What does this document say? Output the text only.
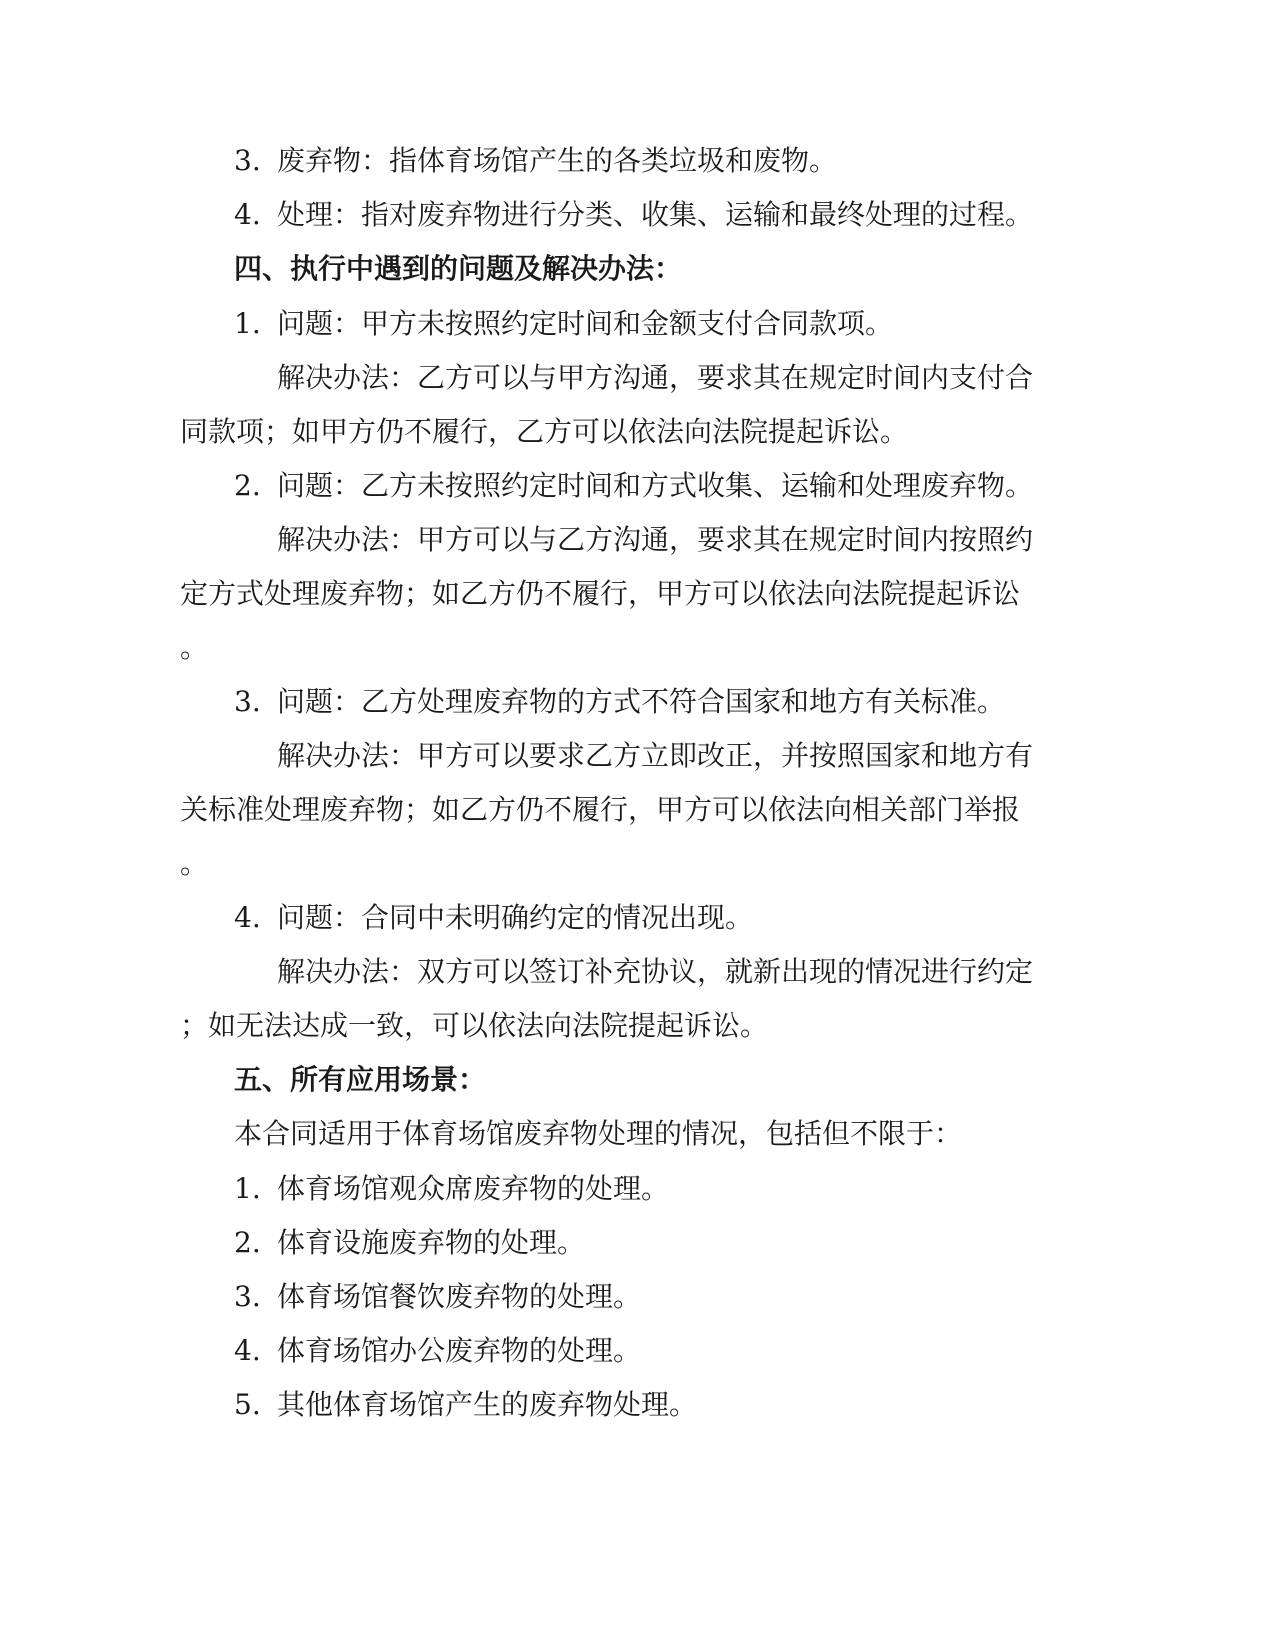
3. 废弃物：指体育场馆产生的各类垃圾和废物。
4. 处理：指对废弃物进行分类、收集、运输和最终处理的过程。
四、执行中遇到的问题及解决办法：
1. 问题：甲方未按照约定时间和金额支付合同款项。
解决办法：乙方可以与甲方沟通，要求其在规定时间内支付合
同款项；如甲方仍不履行，乙方可以依法向法院提起诉讼。
2. 问题：乙方未按照约定时间和方式收集、运输和处理废弃物。
解决办法：甲方可以与乙方沟通，要求其在规定时间内按照约
定方式处理废弃物；如乙方仍不履行，甲方可以依法向法院提起诉讼
。
3. 问题：乙方处理废弃物的方式不符合国家和地方有关标准。
解决办法：甲方可以要求乙方立即改正，并按照国家和地方有
关标准处理废弃物；如乙方仍不履行，甲方可以依法向相关部门举报
。
4. 问题：合同中未明确约定的情况出现。
解决办法：双方可以签订补充协议，就新出现的情况进行约定
；如无法达成一致，可以依法向法院提起诉讼。
五、所有应用场景：
本合同适用于体育场馆废弃物处理的情况，包括但不限于：
1. 体育场馆观众席废弃物的处理。
2. 体育设施废弃物的处理。
3. 体育场馆餐饮废弃物的处理。
4. 体育场馆办公废弃物的处理。
5. 其他体育场馆产生的废弃物处理。
